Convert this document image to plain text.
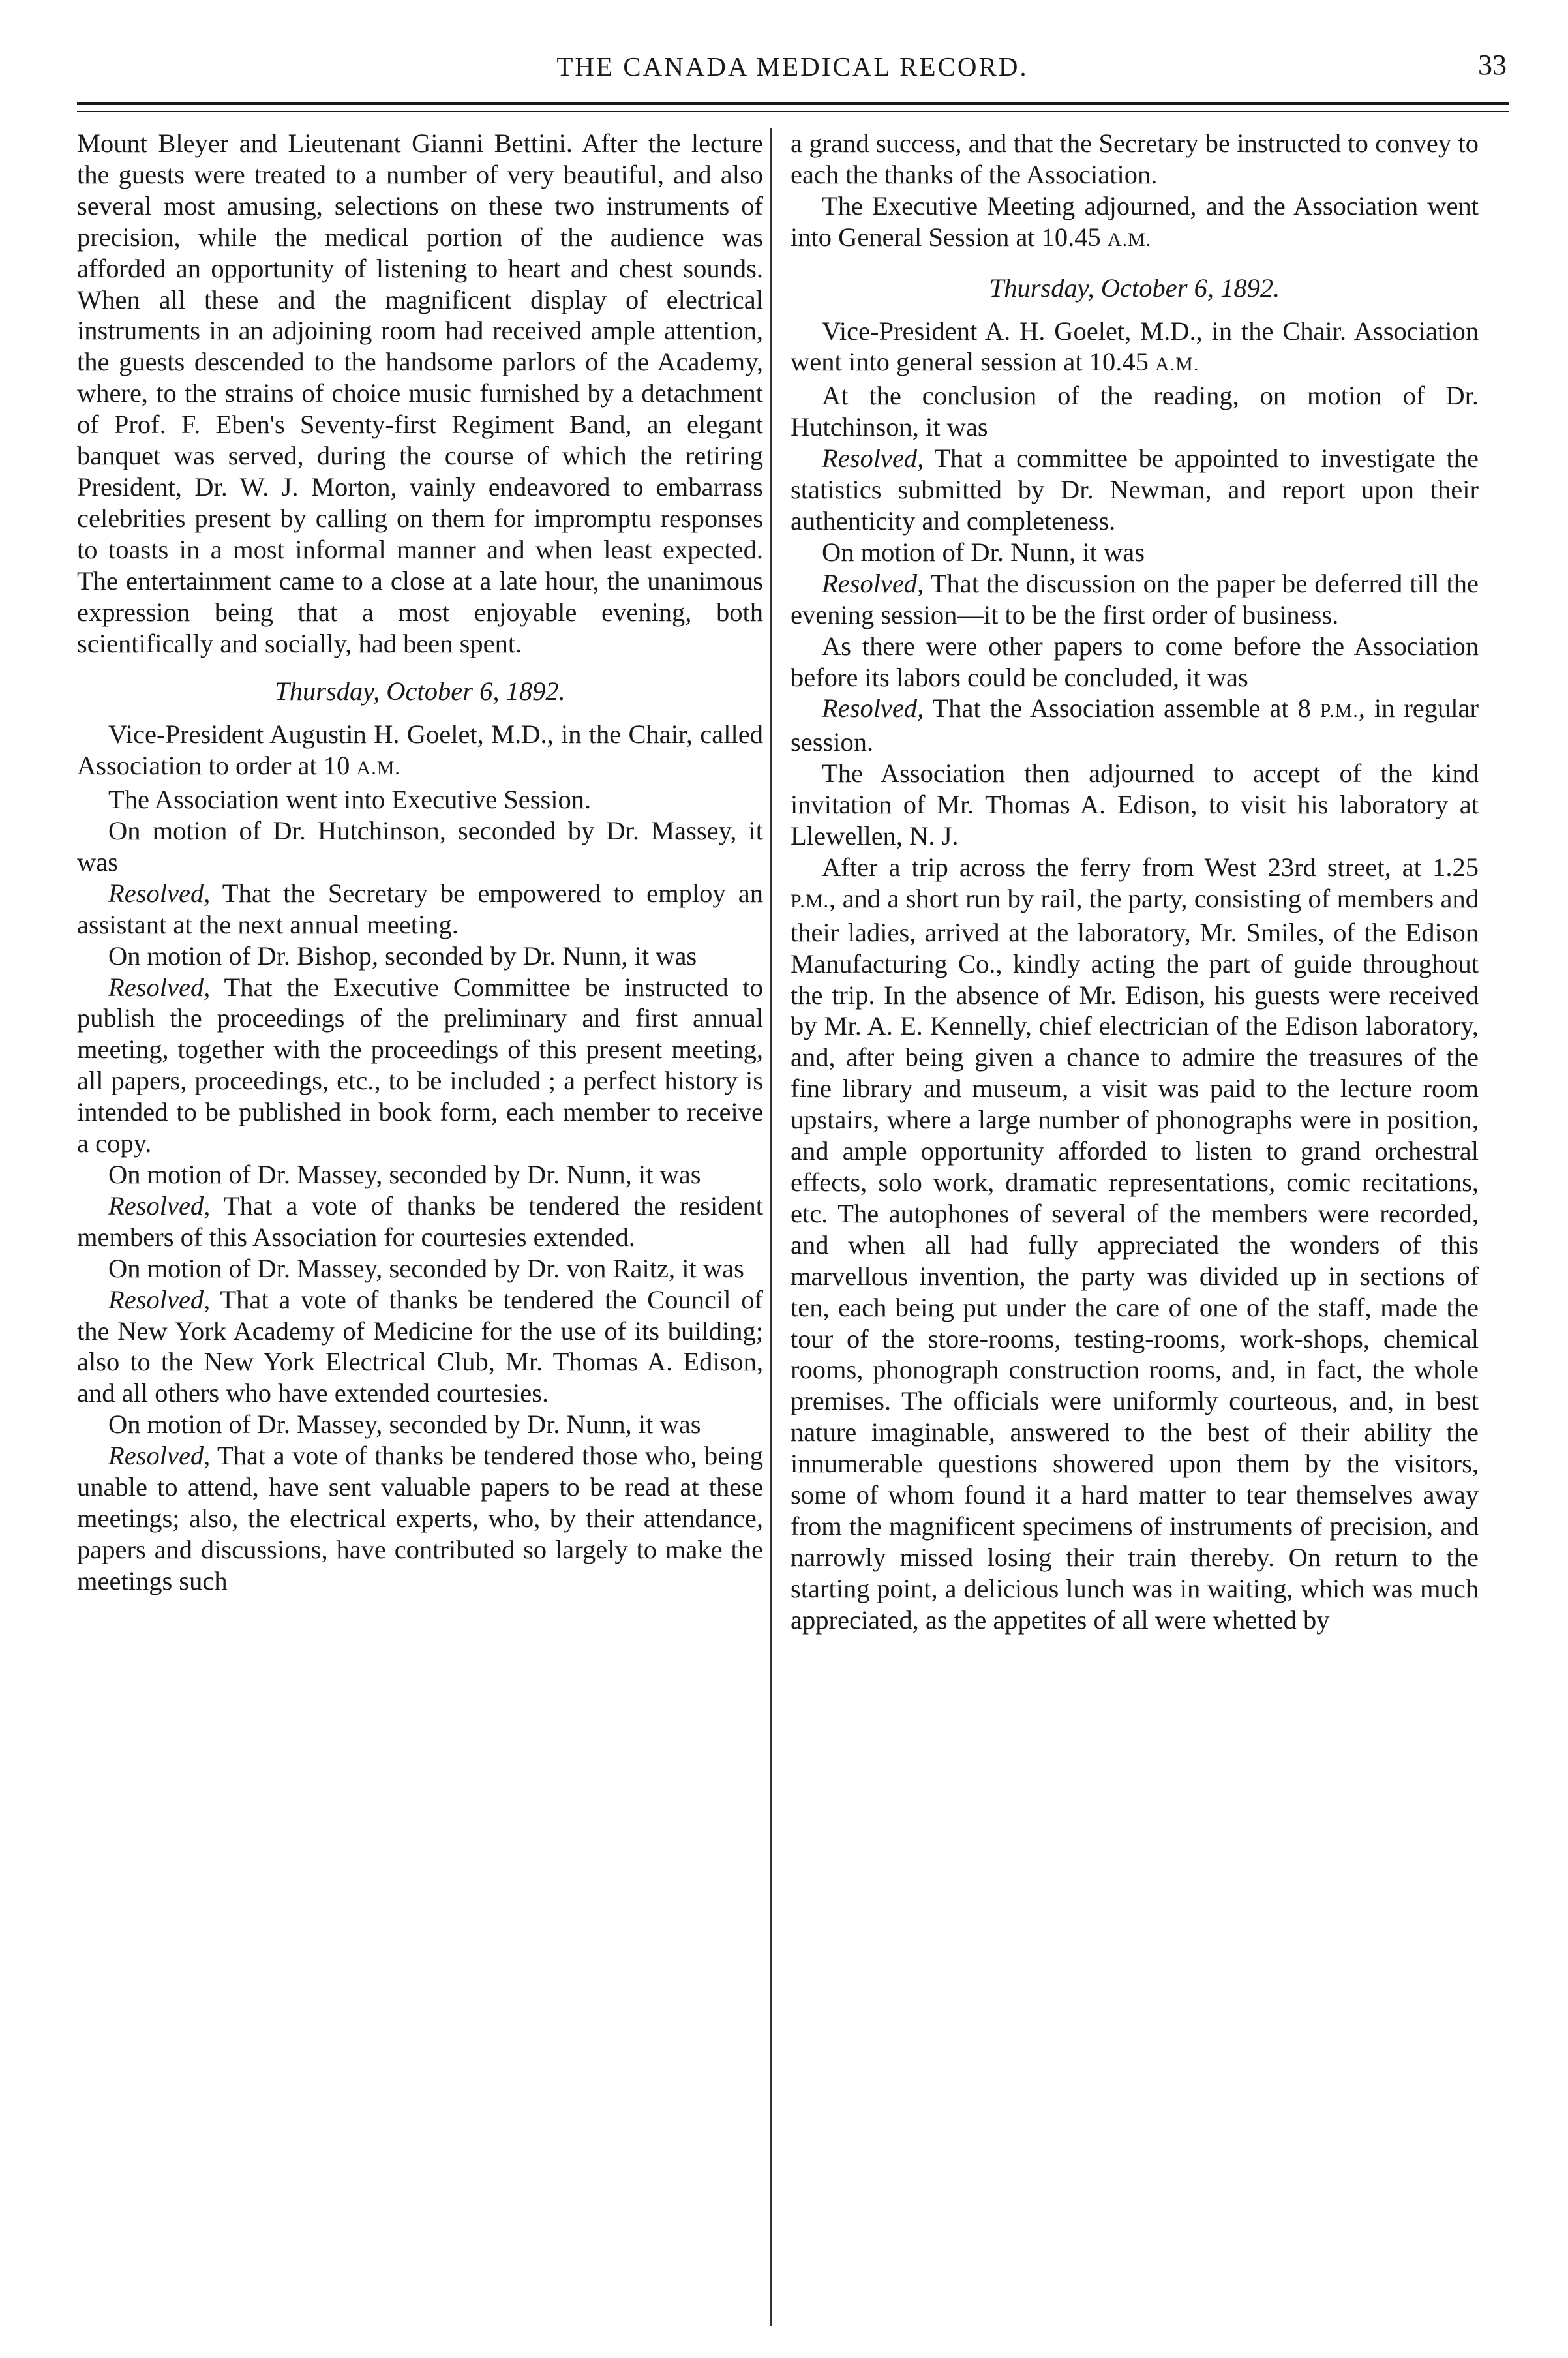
THE CANADA MEDICAL RECORD.	33

Mount Bleyer and Lieutenant Gianni Bettini. After the lecture the guests were treated to a number of very beautiful, and also several most amusing, selections on these two instruments of precision, while the medical portion of the audience was afforded an opportunity of listening to heart and chest sounds. When all these and the magnificent display of electrical instruments in an adjoining room had received ample attention, the guests descended to the handsome parlors of the Academy, where, to the strains of choice music furnished by a detachment of Prof. F. Eben's Seventy-first Regiment Band, an elegant banquet was served, during the course of which the retiring President, Dr. W. J. Morton, vainly endeavored to embarrass celebrities present by calling on them for impromptu responses to toasts in a most informal manner and when least expected. The entertainment came to a close at a late hour, the unanimous expression being that a most enjoyable evening, both scientifically and socially, had been spent.

Thursday, October 6, 1892.

Vice-President Augustin H. Goelet, M.D., in the Chair, called Association to order at 10 A.M.

The Association went into Executive Session.

On motion of Dr. Hutchinson, seconded by Dr. Massey, it was

Resolved, That the Secretary be empowered to employ an assistant at the next annual meeting.

On motion of Dr. Bishop, seconded by Dr. Nunn, it was

Resolved, That the Executive Committee be instructed to publish the proceedings of the preliminary and first annual meeting, together with the proceedings of this present meeting, all papers, proceedings, etc., to be included ; a perfect history is intended to be published in book form, each member to receive a copy.

On motion of Dr. Massey, seconded by Dr. Nunn, it was

Resolved, That a vote of thanks be tendered the resident members of this Association for courtesies extended.

On motion of Dr. Massey, seconded by Dr. von Raitz, it was

Resolved, That a vote of thanks be tendered the Council of the New York Academy of Medicine for the use of its building; also to the New York Electrical Club, Mr. Thomas A. Edison, and all others who have extended courtesies.

On motion of Dr. Massey, seconded by Dr. Nunn, it was

Resolved, That a vote of thanks be tendered those who, being unable to attend, have sent valuable papers to be read at these meetings; also, the electrical experts, who, by their attendance, papers and discussions, have contributed so largely to make the meetings such

a grand success, and that the Secretary be instructed to convey to each the thanks of the Association.

The Executive Meeting adjourned, and the Association went into General Session at 10.45 A.M.

Thursday, October 6, 1892.

Vice-President A. H. Goelet, M.D., in the Chair. Association went into general session at 10.45 A.M.

At the conclusion of the reading, on motion of Dr. Hutchinson, it was

Resolved, That a committee be appointed to investigate the statistics submitted by Dr. Newman, and report upon their authenticity and completeness.

On motion of Dr. Nunn, it was

Resolved, That the discussion on the paper be deferred till the evening session—it to be the first order of business.

As there were other papers to come before the Association before its labors could be concluded, it was

Resolved, That the Association assemble at 8 P.M., in regular session.

The Association then adjourned to accept of the kind invitation of Mr. Thomas A. Edison, to visit his laboratory at Llewellen, N. J.

After a trip across the ferry from West 23rd street, at 1.25 P.M., and a short run by rail, the party, consisting of members and their ladies, arrived at the laboratory, Mr. Smiles, of the Edison Manufacturing Co., kindly acting the part of guide throughout the trip. In the absence of Mr. Edison, his guests were received by Mr. A. E. Kennelly, chief electrician of the Edison laboratory, and, after being given a chance to admire the treasures of the fine library and museum, a visit was paid to the lecture room upstairs, where a large number of phonographs were in position, and ample opportunity afforded to listen to grand orchestral effects, solo work, dramatic representations, comic recitations, etc. The autophones of several of the members were recorded, and when all had fully appreciated the wonders of this marvellous invention, the party was divided up in sections of ten, each being put under the care of one of the staff, made the tour of the store-rooms, testing-rooms, work-shops, chemical rooms, phonograph construction rooms, and, in fact, the whole premises. The officials were uniformly courteous, and, in best nature imaginable, answered to the best of their ability the innumerable questions showered upon them by the visitors, some of whom found it a hard matter to tear themselves away from the magnificent specimens of instruments of precision, and narrowly missed losing their train thereby. On return to the starting point, a delicious lunch was in waiting, which was much appreciated, as the appetites of all were whetted by
